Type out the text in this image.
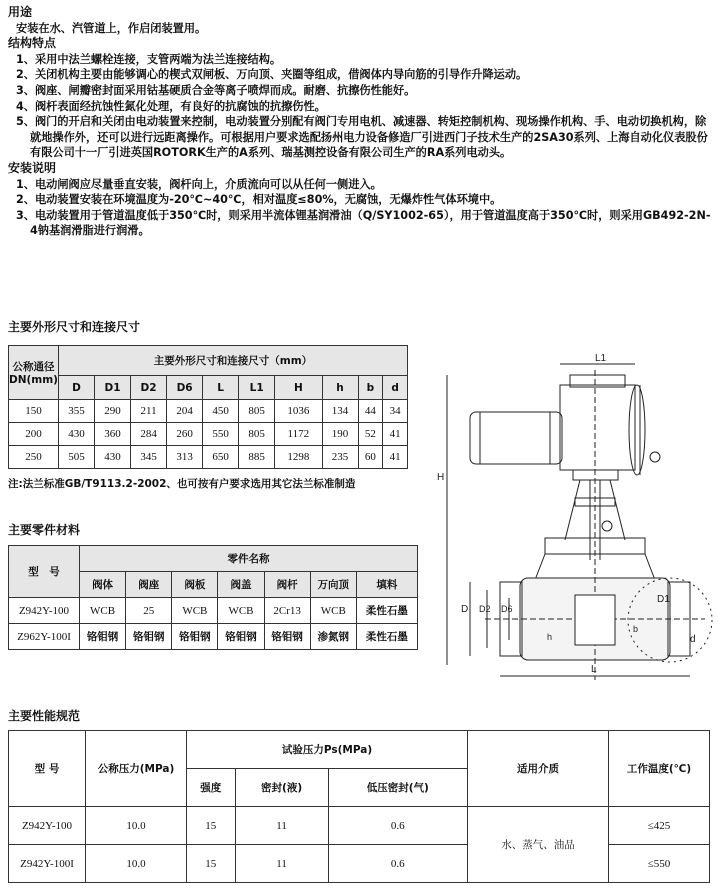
用途
安装在水、汽管道上，作启闭装置用。
结构特点
1、采用中法兰螺栓连接，支管两端为法兰连接结构。
2、关闭机构主要由能够调心的楔式双闸板、万向顶、夹圈等组成，借阀体内导向筋的引导作升降运动。
3、阀座、闸瓣密封面采用钴基硬质合金等离子喷焊而成。耐磨、抗擦伤性能好。
4、阀杆表面经抗蚀性氮化处理，有良好的抗腐蚀的抗擦伤性。
5、阀门的开启和关闭由电动装置来控制，电动装置分别配有阀门专用电机、减速器、转矩控制机构、现场操作机构、手、电动切换机构，除就地操作外，还可以进行远距离操作。可根据用户要求选配扬州电力设备修造厂引进西门子技术生产的2SA30系列、上海自动化仪表股份有限公司十一厂引进英国ROTORK生产的A系列、瑞基测控设备有限公司生产的RA系列电动头。
安装说明
1、电动闸阀应尽量垂直安装，阀杆向上，介质流向可以从任何一侧进入。
2、电动装置安装在环境温度为-20℃~40℃，相对温度≤80%，无腐蚀，无爆炸性气体环境中。
3、电动装置用于管道温度低于350℃时，则采用半流体锂基润滑油（Q/SY1002-65），用于管道温度高于350℃时，则采用GB492-2N-4钠基润滑脂进行润滑。
主要外形尺寸和连接尺寸
公称通径DN(mm)	主要外形尺寸和连接尺寸（mm）									
	D	D1	D2	D6	L	L1	H	h	b	d
150	355	290	211	204	450	805	1036	134	44	34
200	430	360	284	260	550	805	1172	190	52	41
250	505	430	345	313	650	885	1298	235	60	41
注:法兰标准GB/T9113.2-2002、也可按有户要求选用其它法兰标准制造
主要零件材料
型　号	零件名称						
	阀体	阀座	阀板	阀盖	阀杆	万向顶	填料
Z942Y-100	WCB	25	WCB	WCB	2Cr13	WCB	柔性石墨
Z962Y-100I	铬钼钢	铬钼钢	铬钼钢	铬钼钢	铬钼钢	渗氮钢	柔性石墨
主要性能规范
型 号	公称压力(MPa)	试验压力Ps(MPa)			适用介质	工作温度(℃)
		强度	密封(液)	低压密封(气)		
Z942Y-100	10.0	15	11	0.6	水、蒸气、油品	≤425
Z942Y-100I	10.0	15	11	0.6		≤550
L1
H
D D2 D6
L
D1
b
d
h
